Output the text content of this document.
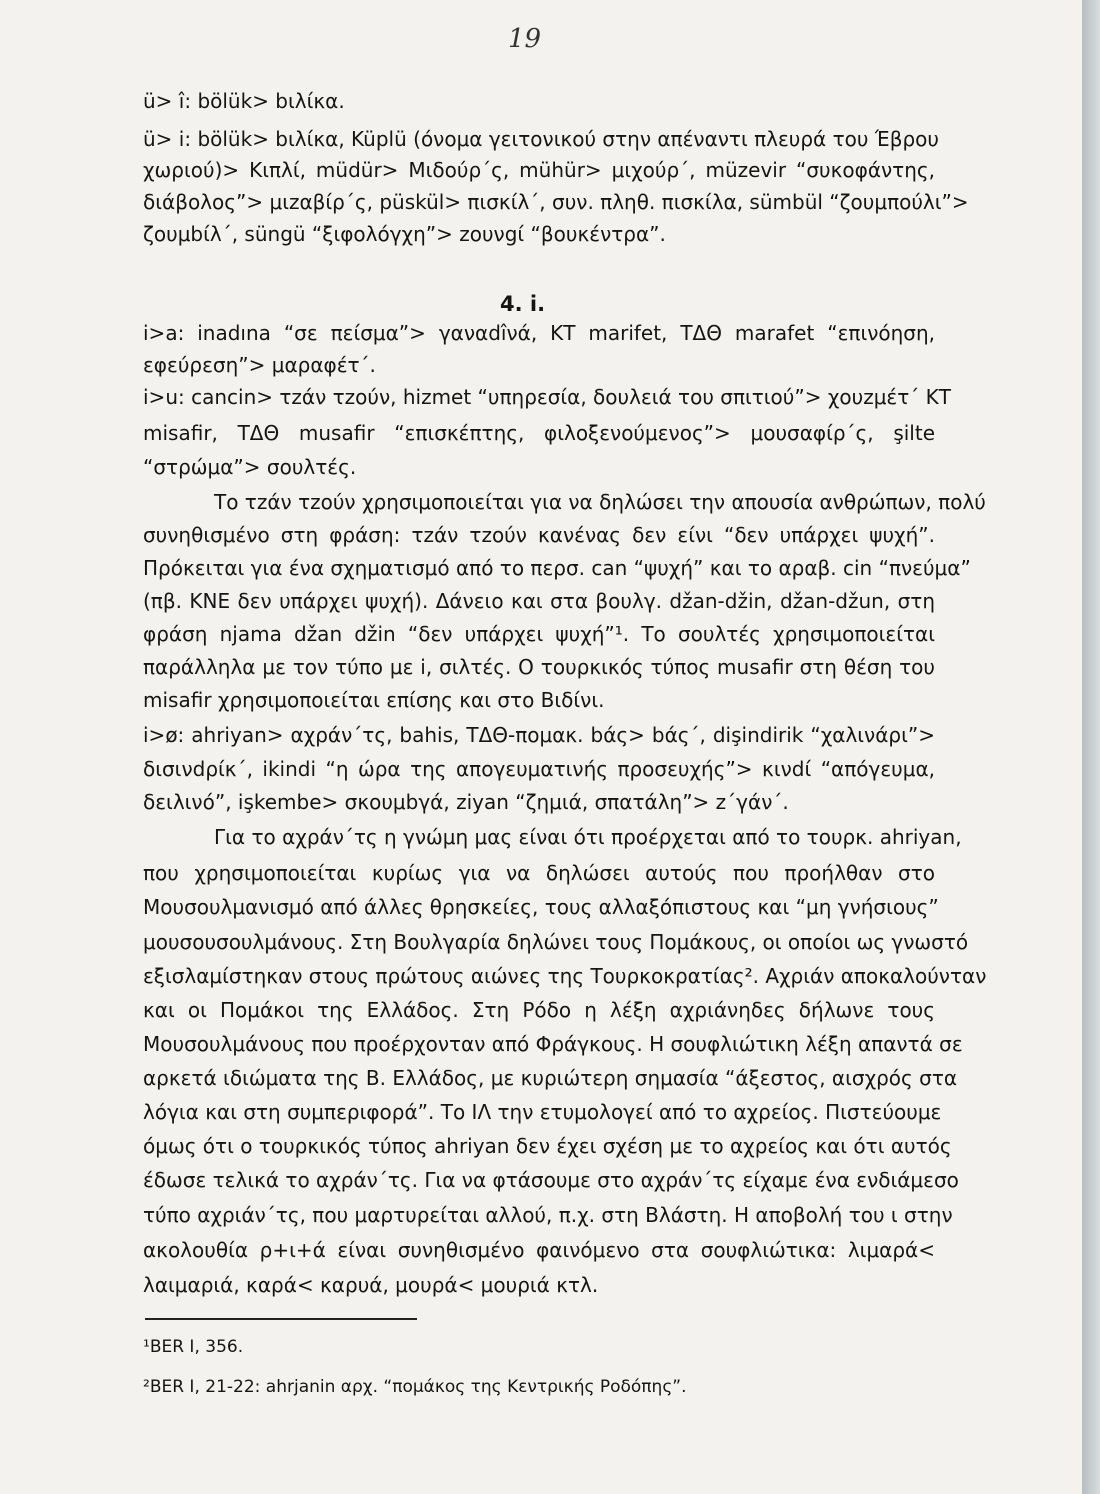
19
ü> î: bölük> bιλίκα.
ü> i: bölük> bιλίκα, Küplü (όνομα γειτονικού στην απέναντι πλευρά του Έβρου
χωριού)> Κιπλί, müdür> Μιδούρ΄ς, mühür> μιχούρ΄, müzevir “συκοφάντης,
διάβολος”> μιzαβίρ΄ς, püskül> πισκίλ΄, συν. πληθ. πισκίλα, sümbül “ζουμπούλι”>
ζουμbίλ΄, süngü “ξιφολόγχη”> zουνgί “βουκέντρα”.
4. i.
i>a: inadına “σε πείσμα”> γαναdîνά, ΚΤ marifet, ΤΔΘ marafet “επινόηση,
εφεύρεση”> μαραφέτ΄.
i>u: cancin> τzάν τzούν, hizmet “υπηρεσία, δουλειά του σπιτιού”> χουzμέτ΄ ΚΤ
misafir, ΤΔΘ musafir “επισκέπτης, φιλοξενούμενος”> μουσαφίρ΄ς, şilte
“στρώμα”> σουλτές.
Το τzάν τzούν χρησιμοποιείται για να δηλώσει την απουσία ανθρώπων, πολύ
συνηθισμένο στη φράση: τzάν τzούν κανένας δεν είνι “δεν υπάρχει ψυχή”.
Πρόκειται για ένα σχηματισμό από το περσ. can “ψυχή” και το αραβ. cin “πνεύμα”
(πβ. ΚΝΕ δεν υπάρχει ψυχή). Δάνειο και στα βουλγ. džan-džin, džan-džun, στη
φράση njama džan džin “δεν υπάρχει ψυχή”¹. Το σουλτές χρησιμοποιείται
παράλληλα με τον τύπο με i, σιλτές. Ο τουρκικός τύπος musafir στη θέση του
misafir χρησιμοποιείται επίσης και στο Βιδίνι.
i>ø: ahriyan> αχράν΄τς, bahis, ΤΔΘ-πομακ. bάς> bάς΄, dişindirik “χαλινάρι”>
δισινdρίκ΄, ikindi “η ώρα της απογευματινής προσευχής”> κινdί “απόγευμα,
δειλινό”, işkembe> σκουμbγά, ziyan “ζημιά, σπατάλη”> z΄γάν΄.
Για το αχράν΄τς η γνώμη μας είναι ότι προέρχεται από το τουρκ. ahriyan,
που χρησιμοποιείται κυρίως για να δηλώσει αυτούς που προήλθαν στο
Μουσουλμανισμό από άλλες θρησκείες, τους αλλαξόπιστους και “μη γνήσιους”
μουσουσουλμάνους. Στη Βουλγαρία δηλώνει τους Πομάκους, οι οποίοι ως γνωστό
εξισλαμίστηκαν στους πρώτους αιώνες της Τουρκοκρατίας². Αχριάν αποκαλούνταν
και οι Πομάκοι της Ελλάδος. Στη Ρόδο η λέξη αχριάνηδες δήλωνε τους
Μουσουλμάνους που προέρχονταν από Φράγκους. Η σουφλιώτικη λέξη απαντά σε
αρκετά ιδιώματα της Β. Ελλάδος, με κυριώτερη σημασία “άξεστος, αισχρός στα
λόγια και στη συμπεριφορά”. Το ΙΛ την ετυμολογεί από το αχρείος. Πιστεύουμε
όμως ότι ο τουρκικός τύπος ahriyan δεν έχει σχέση με το αχρείος και ότι αυτός
έδωσε τελικά το αχράν΄τς. Για να φτάσουμε στο αχράν΄τς είχαμε ένα ενδιάμεσο
τύπο αχριάν΄τς, που μαρτυρείται αλλού, π.χ. στη Βλάστη. Η αποβολή του ι στην
ακολουθία ρ+ι+ά είναι συνηθισμένο φαινόμενο στα σουφλιώτικα: λιμαρά<
λαιμαριά, καρά< καρυά, μουρά< μουριά κτλ.
¹BER I, 356.
²BER I, 21-22: ahrjanin αρχ. “πομάκος της Κεντρικής Ροδόπης”.
